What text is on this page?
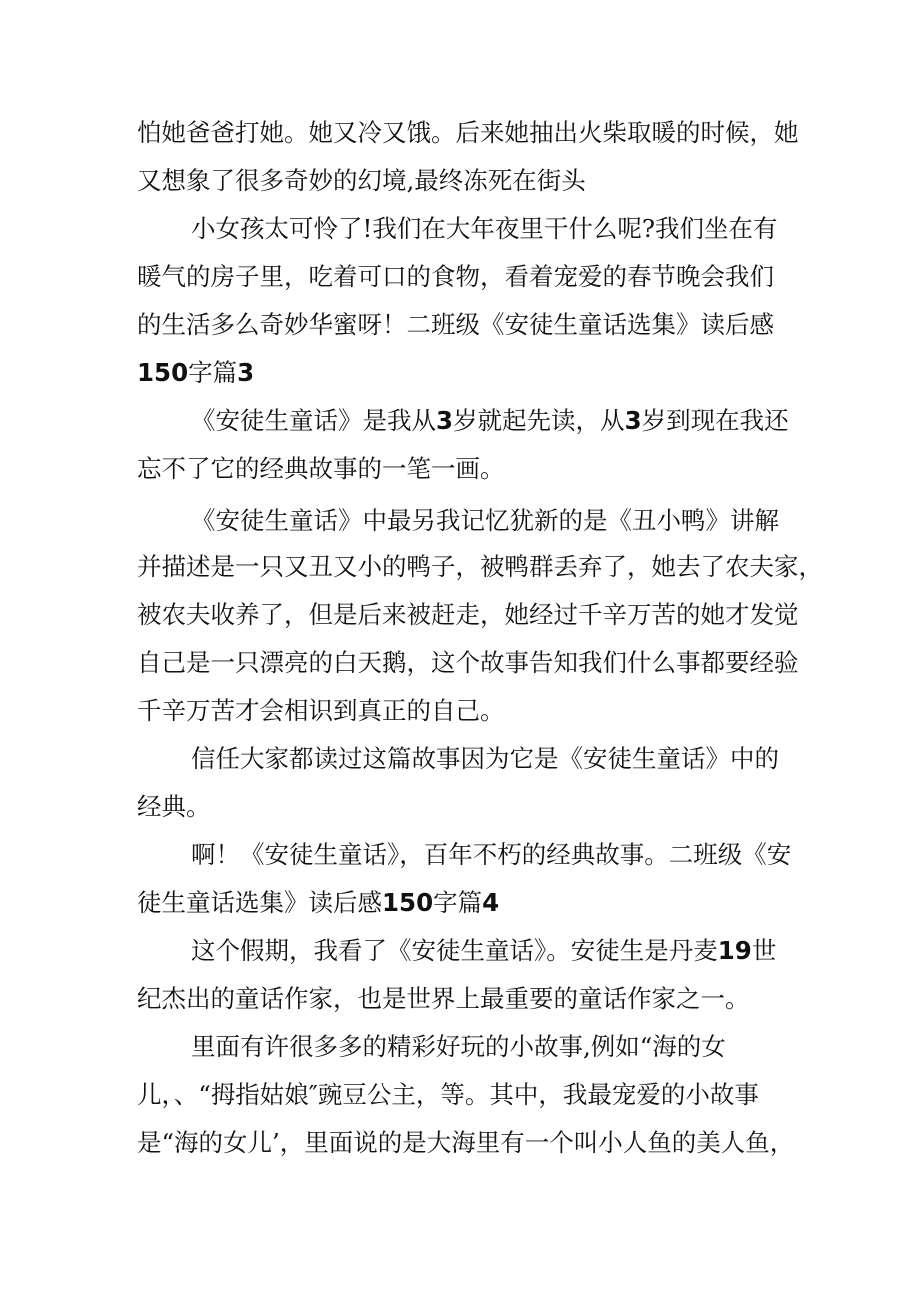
怕她爸爸打她。她又冷又饿。后来她抽出火柴取暖的时候，她
又想象了很多奇妙的幻境,最终冻死在街头
小女孩太可怜了!我们在大年夜里干什么呢?我们坐在有
暖气的房子里，吃着可口的食物，看着宠爱的春节晚会我们
的生活多么奇妙华蜜呀！二班级《安徒生童话选集》读后感
150字篇3
《安徒生童话》是我从3岁就起先读，从3岁到现在我还
忘不了它的经典故事的一笔一画。
《安徒生童话》中最另我记忆犹新的是《丑小鸭》讲解
并描述是一只又丑又小的鸭子，被鸭群丢弃了，她去了农夫家，
被农夫收养了，但是后来被赶走，她经过千辛万苦的她才发觉
自己是一只漂亮的白天鹅，这个故事告知我们什么事都要经验
千辛万苦才会相识到真正的自己。
信任大家都读过这篇故事因为它是《安徒生童话》中的
经典。
啊！《安徒生童话》，百年不朽的经典故事。二班级《安
徒生童话选集》读后感150字篇4
这个假期，我看了《安徒生童话》。安徒生是丹麦19世
纪杰出的童话作家，也是世界上最重要的童话作家之一。
里面有许很多多的精彩好玩的小故事,例如“海的女
儿，、“拇指姑娘″豌豆公主，等。其中，我最宠爱的小故事
是“海的女儿’，里面说的是大海里有一个叫小人鱼的美人鱼，
